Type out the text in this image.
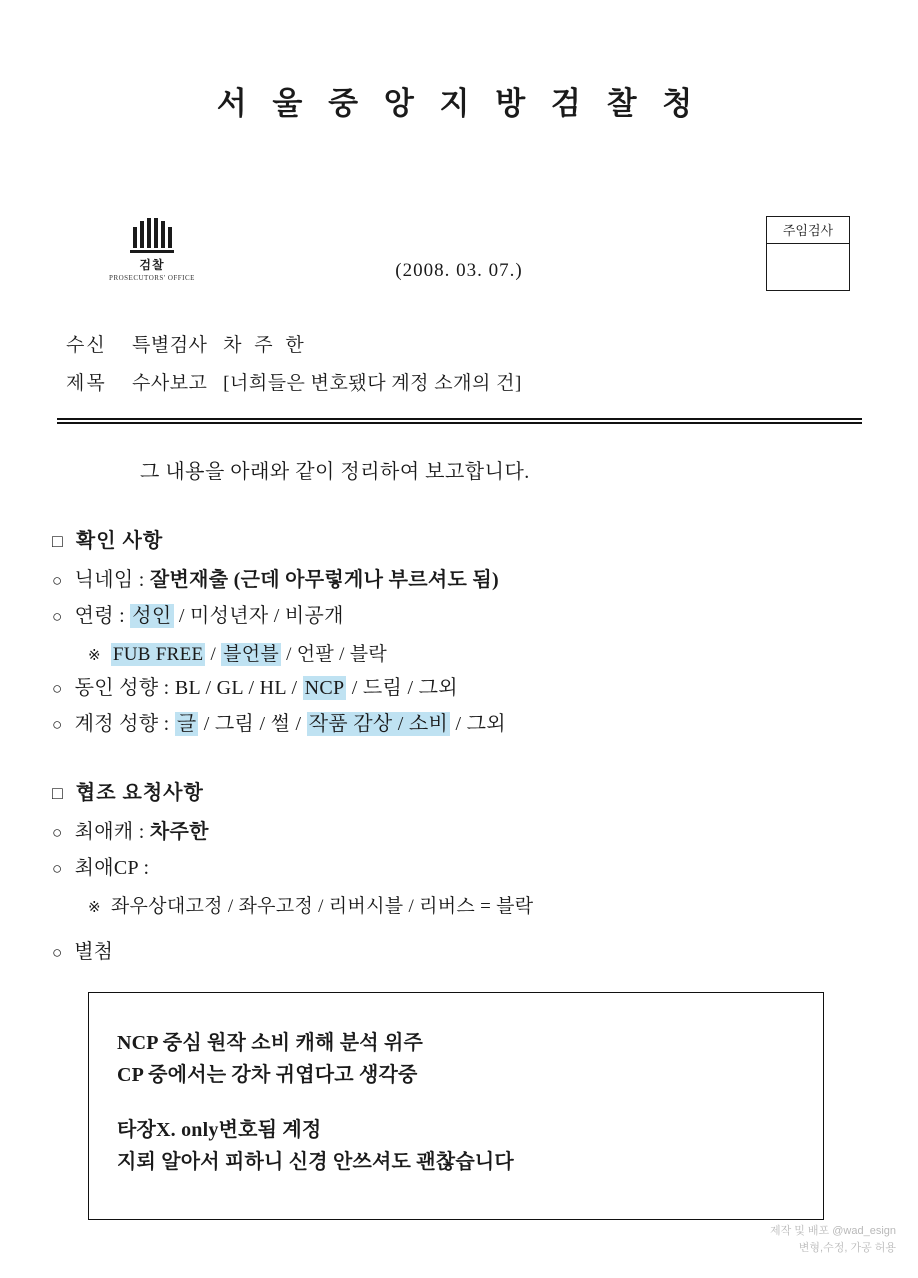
서 울 중 앙 지 방 검 찰 청
검찰
PROSECUTORS' OFFICE	(2008. 03. 07.)
주임검사
수신	특별검사 차 주 한
제목	수사보고 [너희들은 변호됐다 계정 소개의 건]
그 내용을 아래와 같이 정리하여 보고합니다.
□ 확인 사항
○ 닉네임 : 잘변재출 (근데 아무렇게나 부르셔도 됨)
○ 연령 : 성인 / 미성년자 / 비공개
※ FUB FREE / 블언블 / 언팔 / 블락
○ 동인 성향 : BL / GL / HL / NCP / 드림 / 그외
○ 계정 성향 : 글 / 그림 / 썰 / 작품 감상 / 소비 / 그외
□ 협조 요청사항
○ 최애캐 : 차주한
○ 최애CP :
※ 좌우상대고정 / 좌우고정 / 리버시블 / 리버스 = 블락
○ 별첨
NCP 중심 원작 소비 캐해 분석 위주
CP 중에서는 강차 귀엽다고 생각중
타장X. only변호됨 계정
지뢰 알아서 피하니 신경 안쓰셔도 괜찮습니다
제작 및 배포 @wad_esign
변형,수정, 가공 허용
